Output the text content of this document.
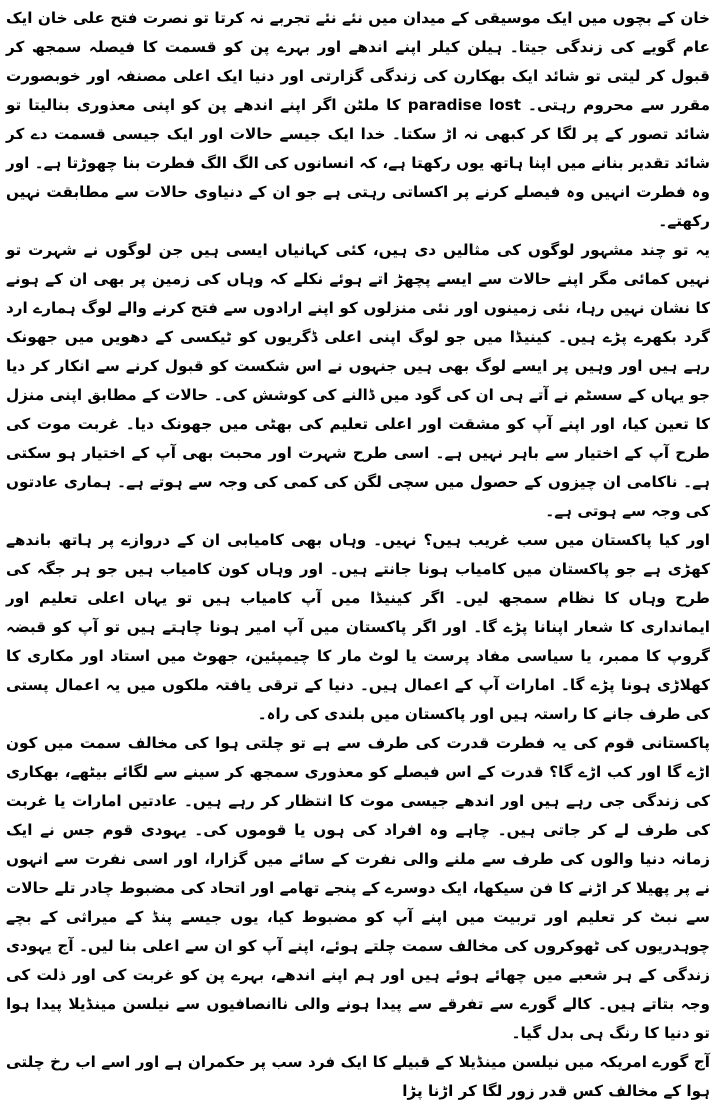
خان کے بچوں میں ایک موسیقی کے میدان میں نئے نئے تجربے نہ کرتا تو نصرت فتح علی خان ایک عام گویے کی زندگی جیتا۔ ہیلن کیلر اپنے اندھے اور بہرے پن کو قسمت کا فیصلہ سمجھ کر قبول کر لیتی تو شائد ایک بھکارن کی زندگی گزارتی اور دنیا ایک اعلی مصنفہ اور خوبصورت مقرر سے محروم رہتی۔ paradise lost کا ملٹن اگر اپنے اندھے پن کو اپنی معذوری بنالیتا تو شائد تصور کے پر لگا کر کبھی نہ اڑ سکتا۔ خدا ایک جیسے حالات اور ایک جیسی قسمت دے کر شائد تقدیر بنانے میں اپنا ہاتھ یوں رکھتا ہے، کہ انسانوں کی الگ الگ فطرت بنا چھوڑتا ہے۔ اور وہ فطرت انہیں وہ فیصلے کرنے پر اکساتی رہتی ہے جو ان کے دنیاوی حالات سے مطابقت نہیں رکھتے۔

یہ تو چند مشہور لوگوں کی مثالیں دی ہیں، کئی کہانیاں ایسی ہیں جن لوگوں نے شہرت تو نہیں کمائی مگر اپنے حالات سے ایسے پچھڑ اتے ہوئے نکلے کہ وہاں کی زمین پر بھی ان کے ہونے کا نشان نہیں رہا، نئی زمینوں اور نئی منزلوں کو اپنے ارادوں سے فتح کرنے والے لوگ ہمارے ارد گرد بکھرے پڑے ہیں۔ کینیڈا میں جو لوگ اپنی اعلی ڈگریوں کو ٹیکسی کے دھویں میں جھونک رہے ہیں اور وہیں پر ایسے لوگ بھی ہیں جنہوں نے اس شکست کو قبول کرنے سے انکار کر دیا جو یہاں کے سسٹم نے آتے ہی ان کی گود میں ڈالنے کی کوشش کی۔ حالات کے مطابق اپنی منزل کا تعین کیا، اور اپنے آپ کو مشقت اور اعلی تعلیم کی بھٹی میں جھونک دیا۔ غربت موت کی طرح آپ کے اختیار سے باہر نہیں ہے۔ اسی طرح شہرت اور محبت بھی آپ کے اختیار ہو سکتی ہے۔ ناکامی ان چیزوں کے حصول میں سچی لگن کی کمی کی وجہ سے ہوتے ہے۔ ہماری عادتوں کی وجہ سے ہوتی ہے۔

اور کیا پاکستان میں سب غریب ہیں؟ نہیں۔ وہاں بھی کامیابی ان کے دروازے پر ہاتھ باندھے کھڑی ہے جو پاکستان میں کامیاب ہونا جانتے ہیں۔ اور وہاں کون کامیاب ہیں جو ہر جگہ کی طرح وہاں کا نظام سمجھ لیں۔ اگر کینیڈا میں آپ کامیاب ہیں تو یہاں اعلی تعلیم اور ایمانداری کا شعار اپنانا پڑے گا۔ اور اگر پاکستان میں آپ امیر ہونا چاہتے ہیں تو آپ کو قبضہ گروپ کا ممبر، یا سیاسی مفاد پرست یا لوٹ مار کا چیمپئین، جھوٹ میں استاد اور مکاری کا کھلاڑی ہونا پڑے گا۔ امارات آپ کے اعمال ہیں۔ دنیا کے ترقی یافتہ ملکوں میں یہ اعمال پستی کی طرف جانے کا راستہ ہیں اور پاکستان میں بلندی کی راہ۔

پاکستانی قوم کی یہ فطرت قدرت کی طرف سے ہے تو چلتی ہوا کی مخالف سمت میں کون اڑے گا اور کب اڑے گا؟ قدرت کے اس فیصلے کو معذوری سمجھ کر سینے سے لگائے بیٹھے، بھکاری کی زندگی جی رہے ہیں اور اندھے جیسی موت کا انتظار کر رہے ہیں۔ عادتیں امارات یا غربت کی طرف لے کر جاتی ہیں۔ چاہے وہ افراد کی ہوں یا قوموں کی۔ یہودی قوم جس نے ایک زمانہ دنیا والوں کی طرف سے ملنے والی نفرت کے سائے میں گزارا، اور اسی نفرت سے انہوں نے پر پھیلا کر اڑنے کا فن سیکھا، ایک دوسرے کے پنجے تھامے اور اتحاد کی مضبوط چادر تلے حالات سے نبٹ کر تعلیم اور تربیت میں اپنے آپ کو مضبوط کیا، یوں جیسے پنڈ کے میراثی کے بچے چوہدریوں کی ٹھوکروں کی مخالف سمت چلتے ہوئے، اپنے آپ کو ان سے اعلی بنا لیں۔ آج یہودی زندگی کے ہر شعبے میں چھائے ہوئے ہیں اور ہم اپنے اندھے، بہرے پن کو غربت کی اور ذلت کی وجہ بتاتے ہیں۔ کالے گورے سے تفرقے سے پیدا ہونے والی ناانصافیوں سے نیلسن مینڈیلا پیدا ہوا تو دنیا کا رنگ ہی بدل گیا۔

آج گورے امریکہ میں نیلسن مینڈیلا کے قبیلے کا ایک فرد سب پر حکمران ہے اور اسے اب رخ چلتی ہوا کے مخالف کس قدر زور لگا کر اڑنا پڑا
